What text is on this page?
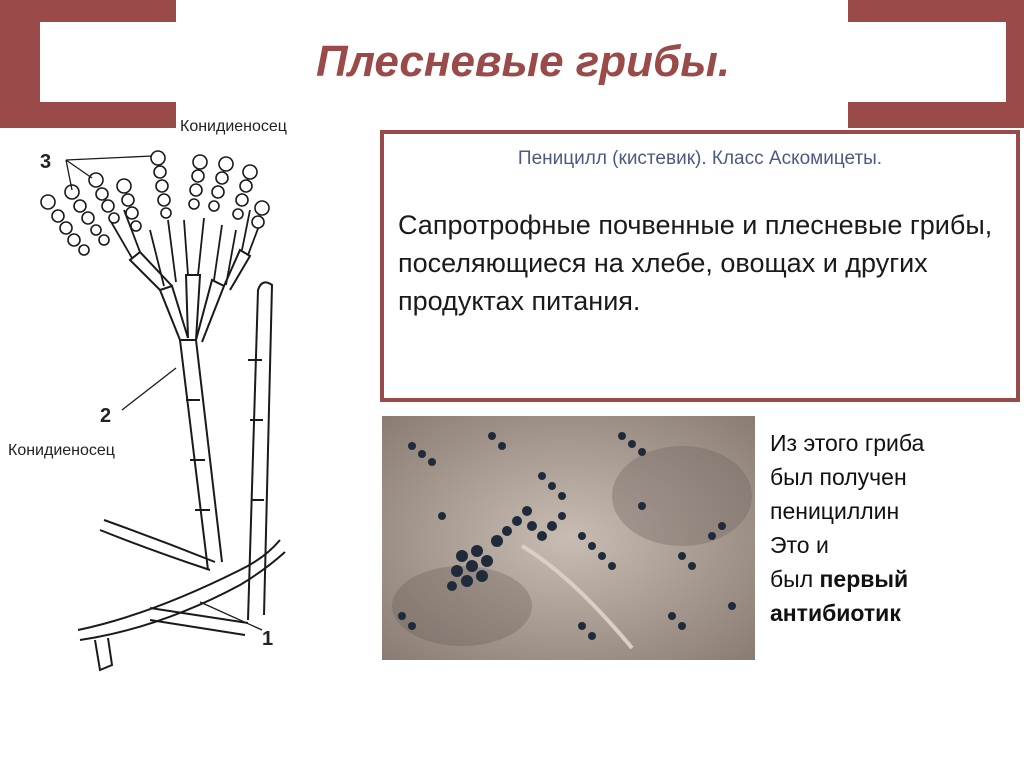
Плесневые грибы.
3
2
1
Конидиеносец
Конидиеносец
Пеницилл (кистевик). Класс Аскомицеты.
Сапротрофные почвенные и плесневые грибы, поселяющиеся на хлебе, овощах и других продуктах питания.
Из этого гриба
был получен
пенициллин
Это и
был первый
антибиотик
